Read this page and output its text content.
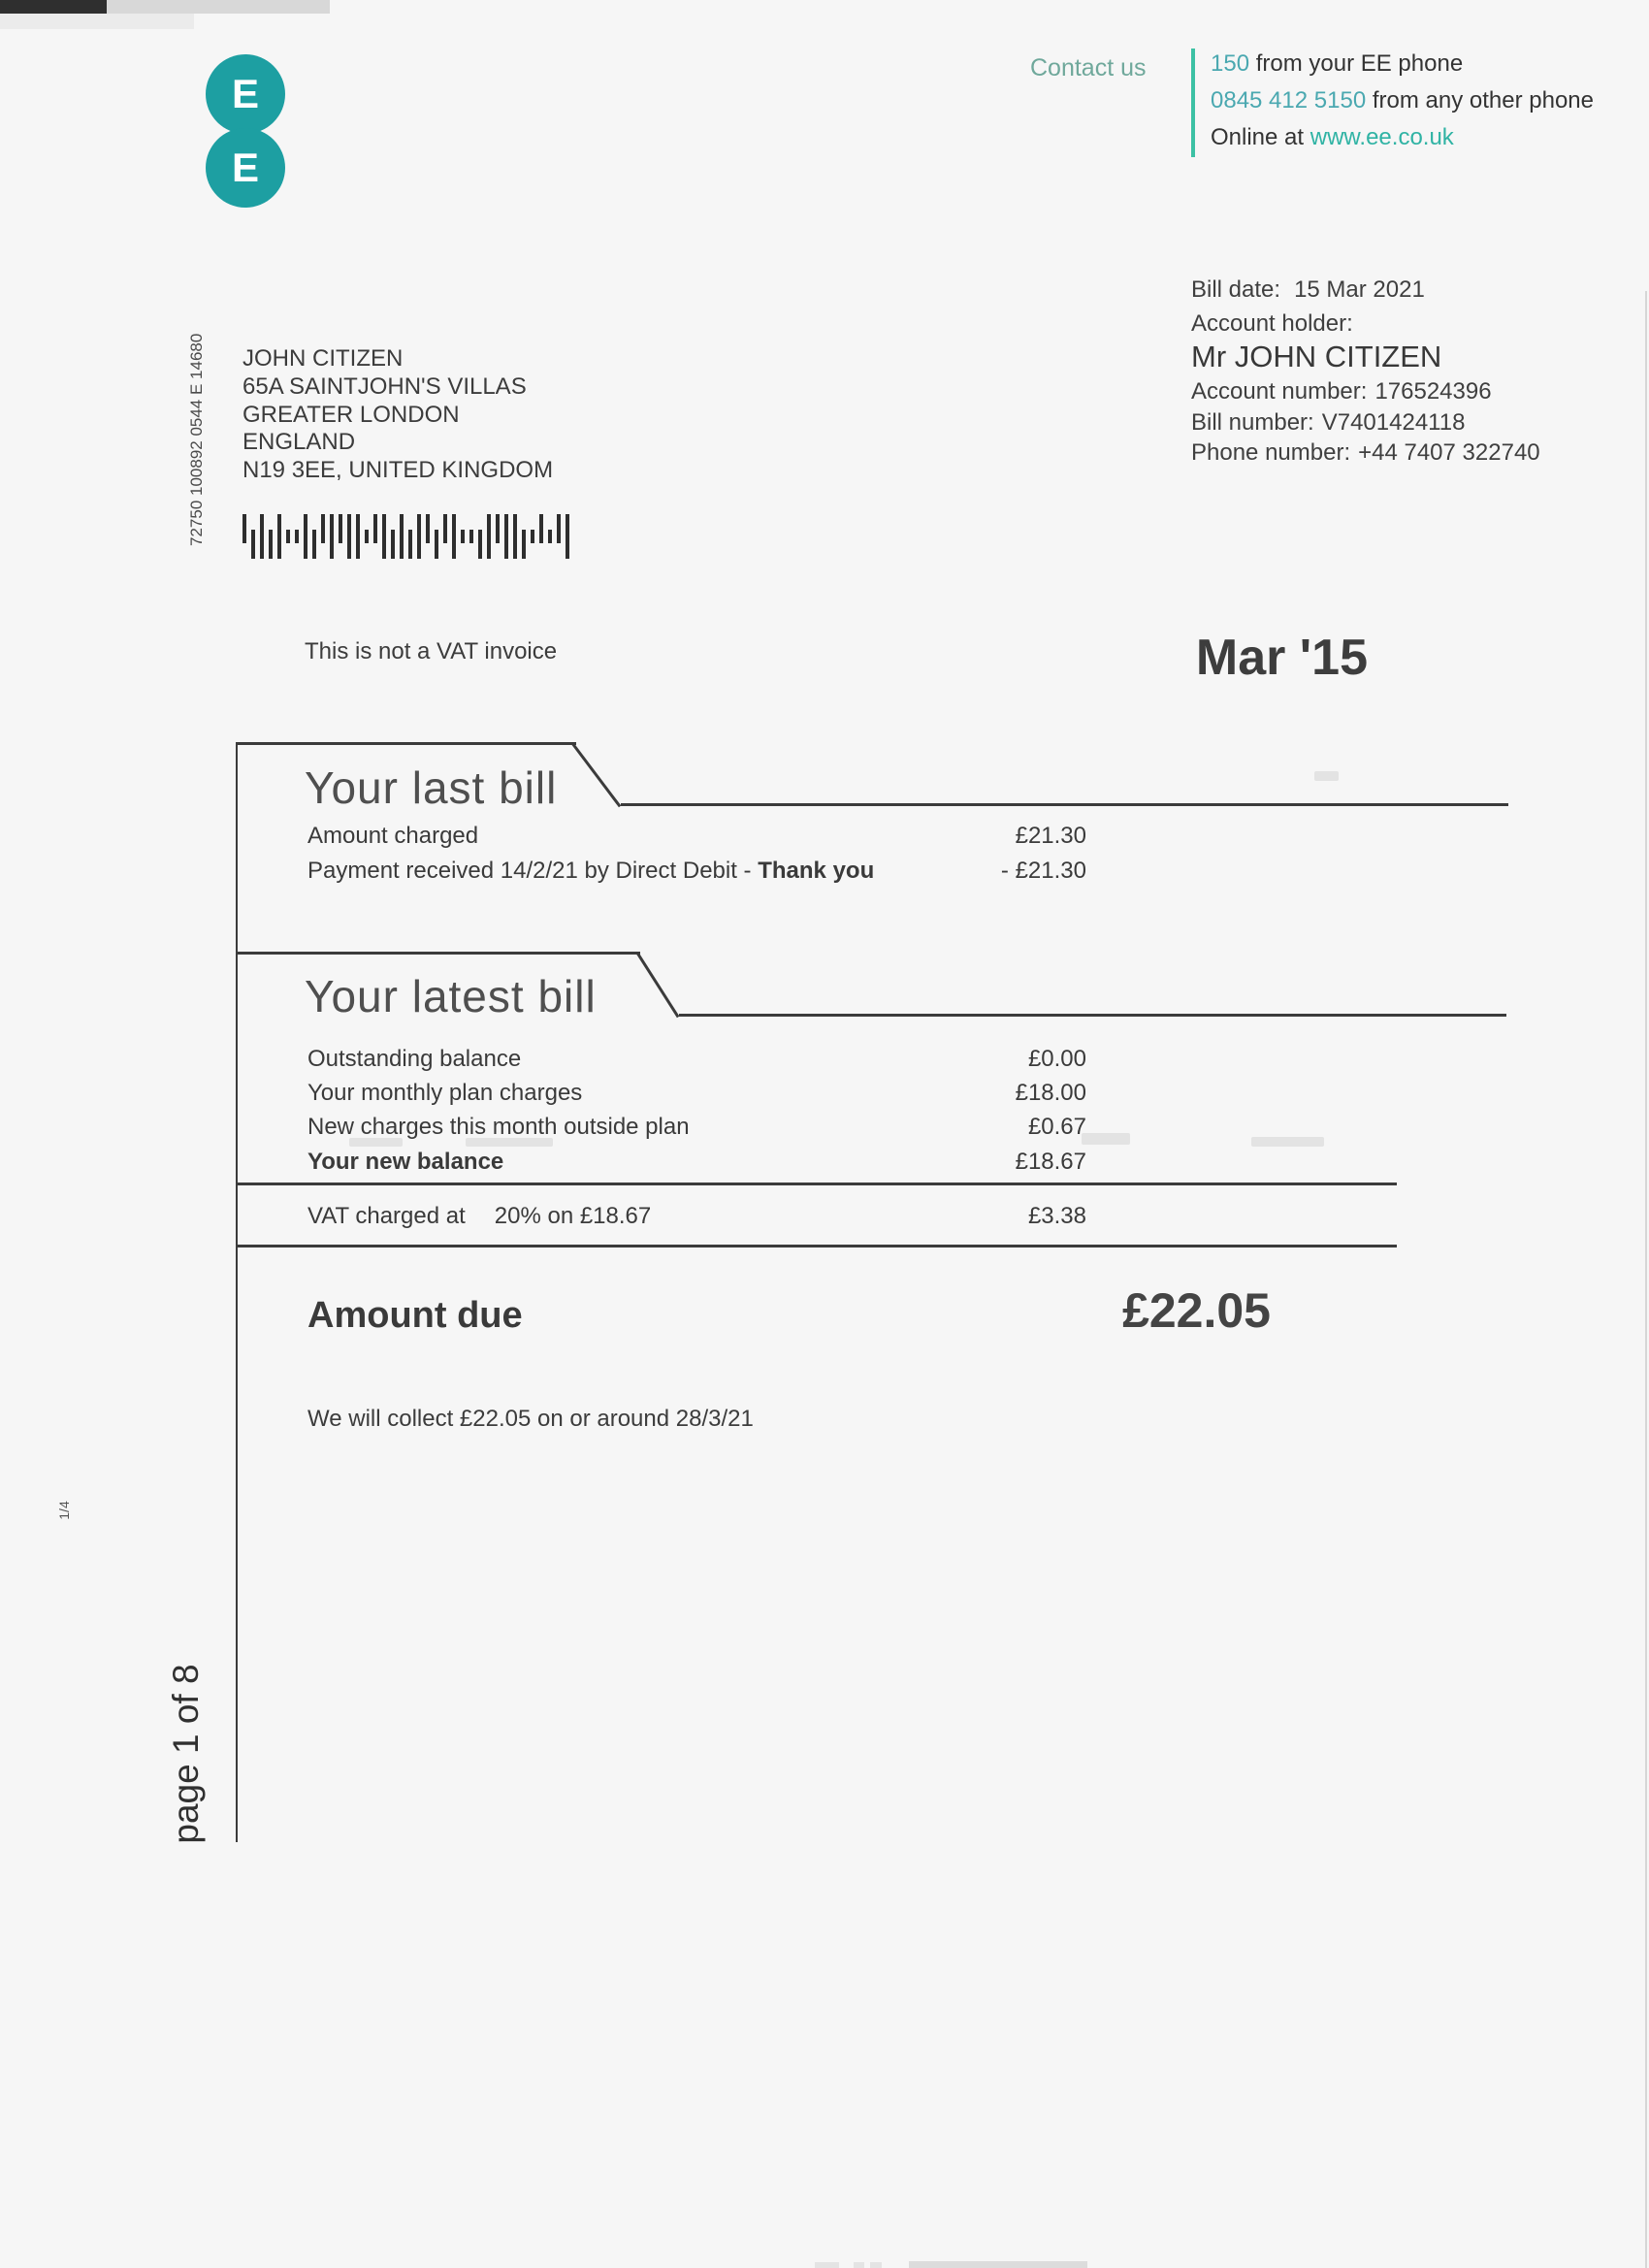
E
E
Contact us	150 from your EE phone
0845 412 5150 from any other phone
Online at www.ee.co.uk
Bill date: 15 Mar 2021
Account holder:
Mr JOHN CITIZEN
Account number: 176524396
Bill number: V7401424118
Phone number: +44 7407 322740
72750 100892 0544 E 14680 JOHN CITIZEN
65A SAINTJOHN'S VILLAS
GREATER LONDON
ENGLAND
N19 3EE, UNITED KINGDOM
This is not a VAT invoice	Mar '15
Your last bill
Amount charged	£21.30
Payment received 14/2/21 by Direct Debit - Thank you	- £21.30
Your latest bill
Outstanding balance	£0.00
Your monthly plan charges	£18.00
New charges this month outside plan	£0.67
Your new balance	£18.67
VAT charged at 20% on £18.67	£3.38
Amount due	£22.05
We will collect £22.05 on or around 28/3/21
1/4
page 1 of 8
